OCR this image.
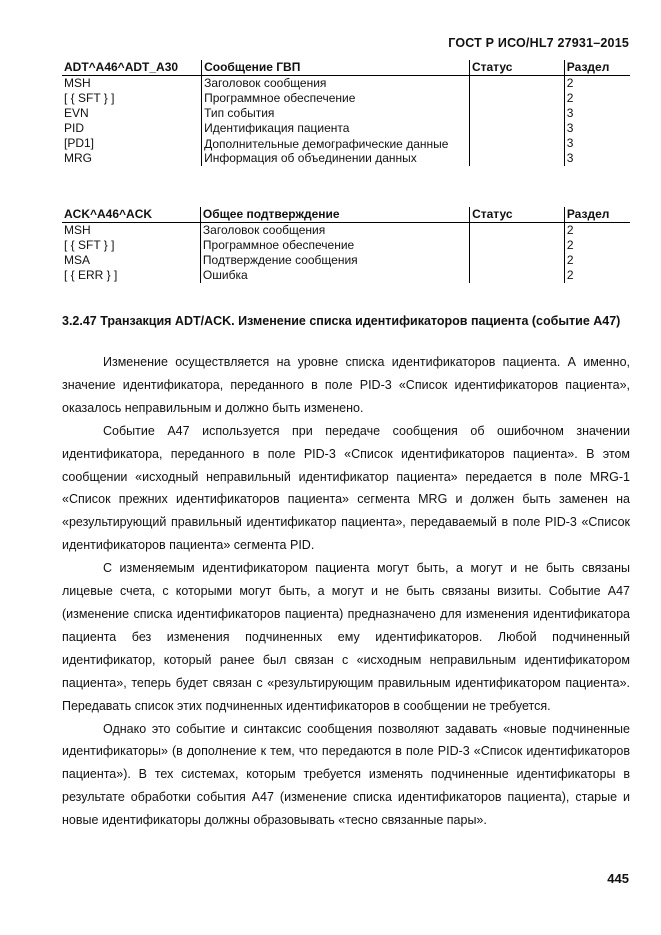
ГОСТ Р ИСО/HL7 27931–2015
ADT^A46^ADT_A30	Сообщение ГВП	Статус	Раздел
MSH	Заголовок сообщения		2
[ { SFT } ]	Программное обеспечение		2
EVN	Тип события		3
PID	Идентификация пациента		3
[PD1]	Дополнительные демографические данные		3
MRG	Информация об объединении данных		3
ACK^A46^ACK	Общее подтверждение	Статус	Раздел
MSH	Заголовок сообщения		2
[ { SFT } ]	Программное обеспечение		2
MSA	Подтверждение сообщения		2
[ { ERR } ]	Ошибка		2
3.2.47 Транзакция ADT/ACK. Изменение списка идентификаторов пациента (событие A47)

Изменение осуществляется на уровне списка идентификаторов пациента. А именно, значение идентификатора, переданного в поле PID-3 «Список идентификаторов пациента», оказалось неправильным и должно быть изменено.

Событие A47 используется при передаче сообщения об ошибочном значении идентификатора, переданного в поле PID-3 «Список идентификаторов пациента». В этом сообщении «исходный неправильный идентификатор пациента» передается в поле MRG-1 «Список прежних идентификаторов пациента» сегмента MRG и должен быть заменен на «результирующий правильный идентификатор пациента», передаваемый в поле PID-3 «Список идентификаторов пациента» сегмента PID.

С изменяемым идентификатором пациента могут быть, а могут и не быть связаны лицевые счета, с которыми могут быть, а могут и не быть связаны визиты. Событие A47 (изменение списка идентификаторов пациента) предназначено для изменения идентификатора пациента без изменения подчиненных ему идентификаторов. Любой подчиненный идентификатор, который ранее был связан с «исходным неправильным идентификатором пациента», теперь будет связан с «результирующим правильным идентификатором пациента». Передавать список этих подчиненных идентификаторов в сообщении не требуется.

Однако это событие и синтаксис сообщения позволяют задавать «новые подчиненные идентификаторы» (в дополнение к тем, что передаются в поле PID-3 «Список идентификаторов пациента»). В тех системах, которым требуется изменять подчиненные идентификаторы в результате обработки события A47 (изменение списка идентификаторов пациента), старые и новые идентификаторы должны образовывать «тесно связанные пары».

445
